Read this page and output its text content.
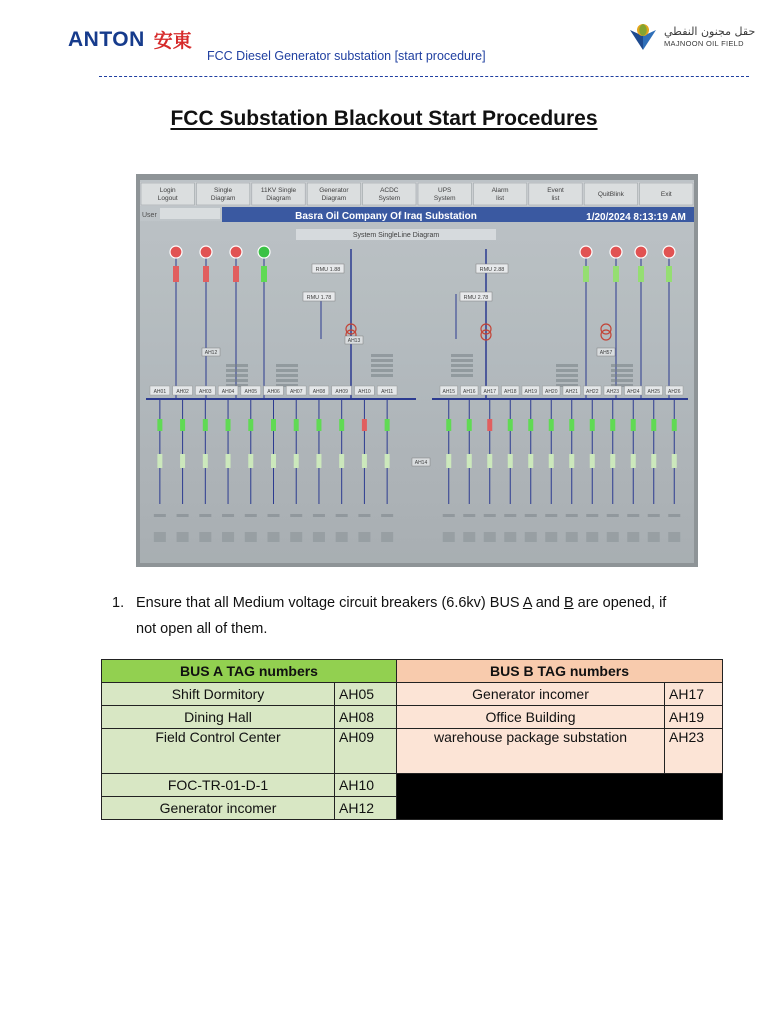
ANTON 安東
FCC Diesel Generator substation [start procedure]
حقل مجنون النفطي
MAJNOON OIL FIELD
FCC Substation Blackout Start Procedures
Login
Logout
Single
Diagram
11KV Single
Diagram
Generator
Diagram
ACDC
System
UPS
System
Alarm
list
Event
list
QuitBlink	Exit
User	Basra Oil Company Of Iraq Substation	1/20/2024 8:13:19 AM
System SingleLine Diagram
RMU 1.88	RMU 2.88
RMU 1.78	RMU 2.78
AH12
AH13
AH14
AH57
AH01 AH02 AH03 AH04 AH05 AH06 AH07 AH08 AH09 AH10 AH11	AH15 AH16 AH17 AH18 AH19 AH20 AH21 AH22 AH23 AH24 AH25 AH26
1. Ensure that all Medium voltage circuit breakers (6.6kv) BUS A and B are opened, if not open all of them.
BUS A TAG numbers		BUS B TAG numbers	
Shift Dormitory	AH05	Generator incomer	AH17
Dining Hall	AH08	Office Building	AH19
Field Control Center	AH09	warehouse package substation	AH23
FOC-TR-01-D-1	AH10		
Generator incomer	AH12		
